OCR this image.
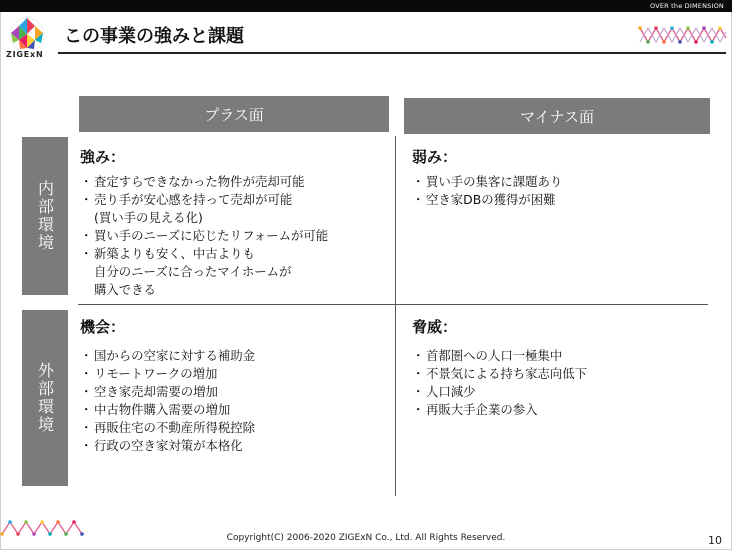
OVER the DIMENSION
ZIGExN
この事業の強みと課題
プラス面	マイナス面
内部環境
外部環境
強み：
・ 査定すらできなかった物件が売却可能
・ 売り手が安心感を持って売却が可能
(買い手の見える化)
・ 買い手のニーズに応じたリフォームが可能
・ 新築よりも安く、中古よりも
自分のニーズに合ったマイホームが
購入できる
弱み：
・ 買い手の集客に課題あり
・ 空き家DBの獲得が困難
機会：
・ 国からの空家に対する補助金
・ リモートワークの増加
・ 空き家売却需要の増加
・ 中古物件購入需要の増加
・ 再販住宅の不動産所得税控除
・ 行政の空き家対策が本格化
脅威：
・ 首都圏への人口一極集中
・ 不景気による持ち家志向低下
・ 人口減少
・ 再販大手企業の参入
Copyright(C) 2006-2020 ZIGExN Co., Ltd. All Rights Reserved.	10
